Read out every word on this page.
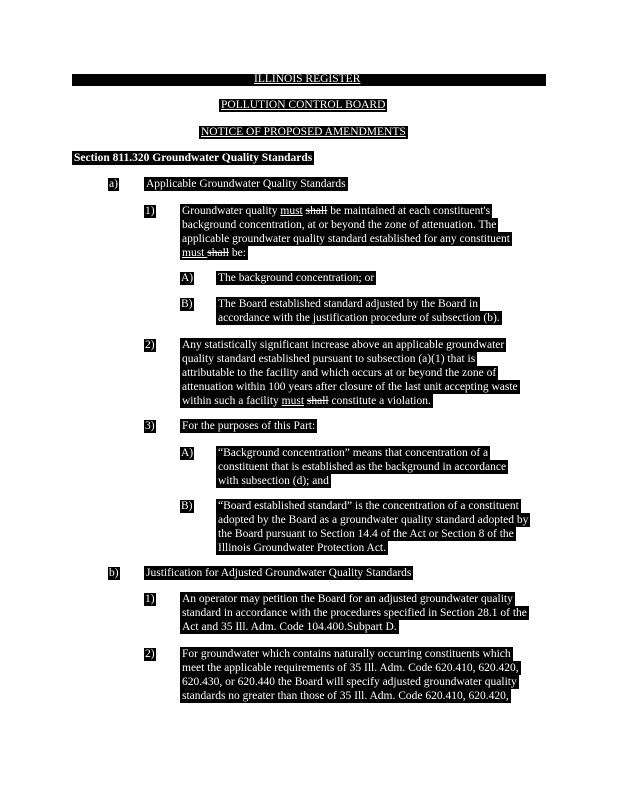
ILLINOIS REGISTER
POLLUTION CONTROL BOARD
NOTICE OF PROPOSED AMENDMENTS
Section 811.320 Groundwater Quality Standards
a) Applicable Groundwater Quality Standards
1) Groundwater quality must shall be maintained at each constituent's
background concentration, at or beyond the zone of attenuation. The
applicable groundwater quality standard established for any constituent
must shall be:
A) The background concentration; or
B) The Board established standard adjusted by the Board in
accordance with the justification procedure of subsection (b).
2) Any statistically significant increase above an applicable groundwater
quality standard established pursuant to subsection (a)(1) that is
attributable to the facility and which occurs at or beyond the zone of
attenuation within 100 years after closure of the last unit accepting waste
within such a facility must shall constitute a violation.
3) For the purposes of this Part:
A) “Background concentration” means that concentration of a
constituent that is established as the background in accordance
with subsection (d); and
B) “Board established standard” is the concentration of a constituent
adopted by the Board as a groundwater quality standard adopted by
the Board pursuant to Section 14.4 of the Act or Section 8 of the
Illinois Groundwater Protection Act.
b) Justification for Adjusted Groundwater Quality Standards
1) An operator may petition the Board for an adjusted groundwater quality
standard in accordance with the procedures specified in Section 28.1 of the
Act and 35 Ill. Adm. Code 104.400.Subpart D.
2) For groundwater which contains naturally occurring constituents which
meet the applicable requirements of 35 Ill. Adm. Code 620.410, 620.420,
620.430, or 620.440 the Board will specify adjusted groundwater quality
standards no greater than those of 35 Ill. Adm. Code 620.410, 620.420,
